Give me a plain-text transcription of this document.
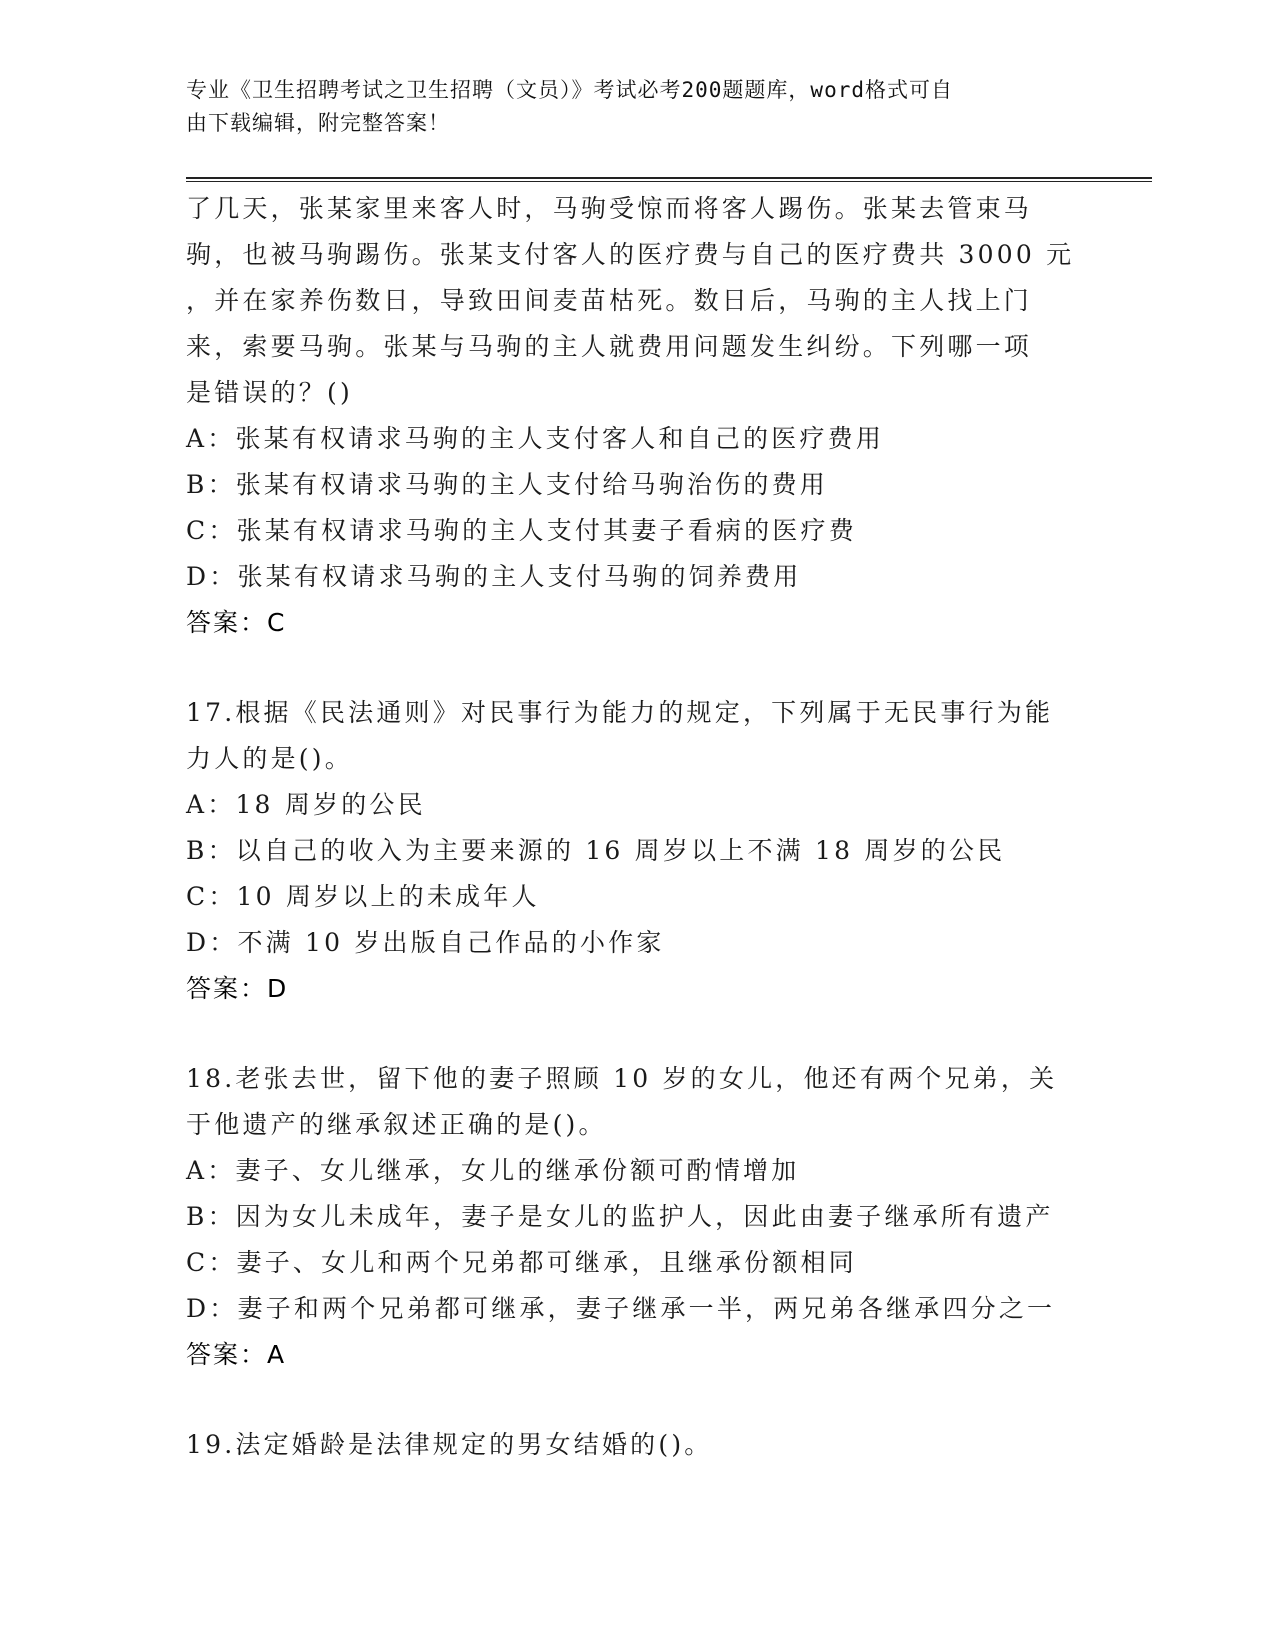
专业《卫生招聘考试之卫生招聘（文员）》考试必考200题题库，word格式可自
由下载编辑，附完整答案！
了几天，张某家里来客人时，马驹受惊而将客人踢伤。张某去管束马
驹，也被马驹踢伤。张某支付客人的医疗费与自己的医疗费共 3000 元
，并在家养伤数日，导致田间麦苗枯死。数日后，马驹的主人找上门
来，索要马驹。张某与马驹的主人就费用问题发生纠纷。下列哪一项
是错误的？()
A：张某有权请求马驹的主人支付客人和自己的医疗费用
B：张某有权请求马驹的主人支付给马驹治伤的费用
C：张某有权请求马驹的主人支付其妻子看病的医疗费
D：张某有权请求马驹的主人支付马驹的饲养费用
答案：C
17.根据《民法通则》对民事行为能力的规定，下列属于无民事行为能
力人的是()。
A：18 周岁的公民
B：以自己的收入为主要来源的 16 周岁以上不满 18 周岁的公民
C：10 周岁以上的未成年人
D：不满 10 岁出版自己作品的小作家
答案：D
18.老张去世，留下他的妻子照顾 10 岁的女儿，他还有两个兄弟，关
于他遗产的继承叙述正确的是()。
A：妻子、女儿继承，女儿的继承份额可酌情增加
B：因为女儿未成年，妻子是女儿的监护人，因此由妻子继承所有遗产
C：妻子、女儿和两个兄弟都可继承，且继承份额相同
D：妻子和两个兄弟都可继承，妻子继承一半，两兄弟各继承四分之一
答案：A
19.法定婚龄是法律规定的男女结婚的()。
